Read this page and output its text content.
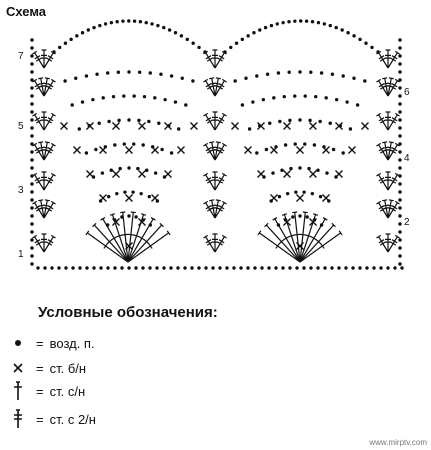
Схема
1
3
5
7
2
4
6
Условные обозначения:
= возд. п.
= ст. б/н
= ст. с/н
= ст. с 2/н
www.mirptv.com
